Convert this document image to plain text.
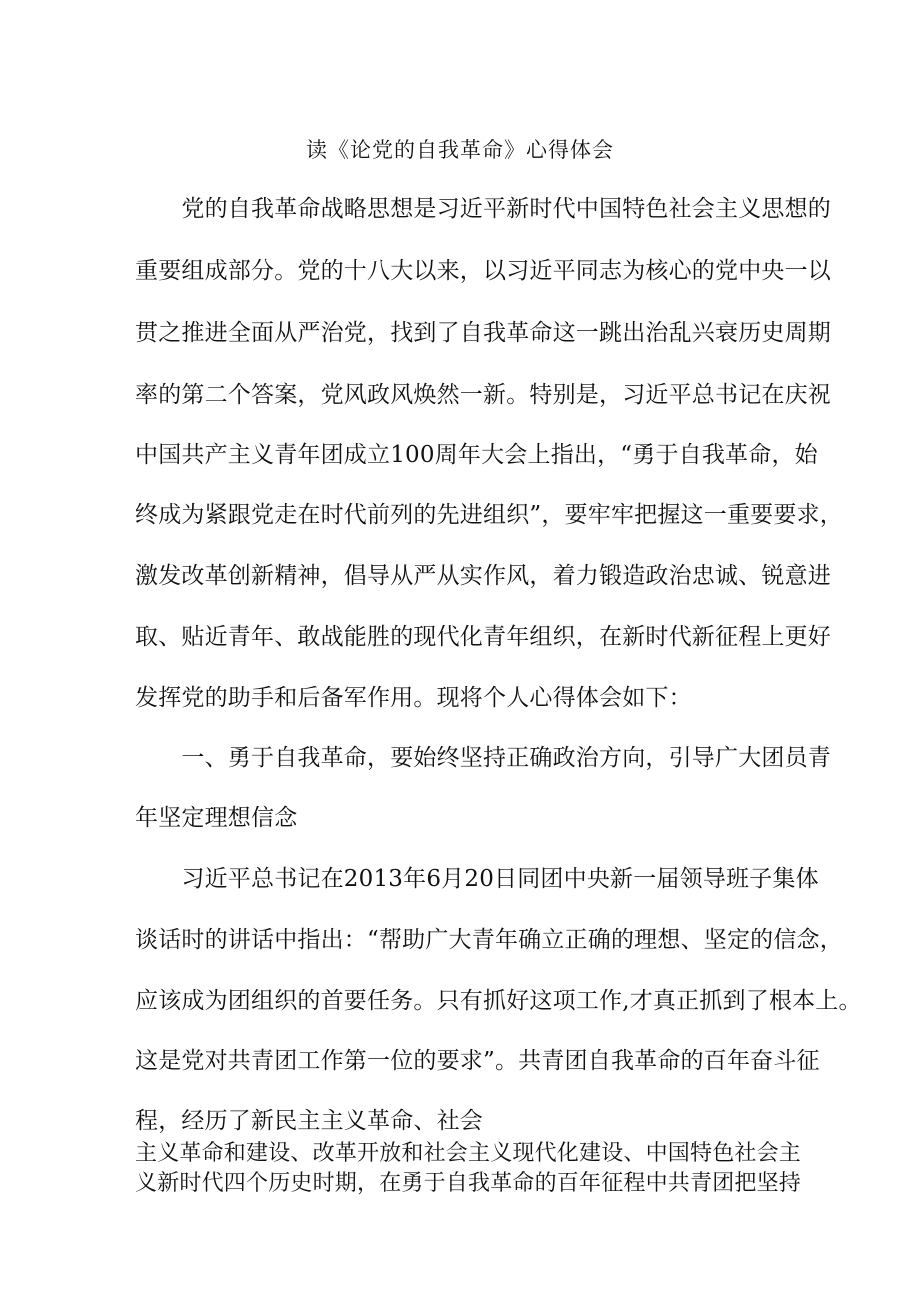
读《论党的自我革命》心得体会
　　党的自我革命战略思想是习近平新时代中国特色社会主义思想的
重要组成部分。党的十八大以来，以习近平同志为核心的党中央一以
贯之推进全面从严治党，找到了自我革命这一跳出治乱兴衰历史周期
率的第二个答案，党风政风焕然一新。特别是，习近平总书记在庆祝
中国共产主义青年团成立100周年大会上指出，“勇于自我革命，始
终成为紧跟党走在时代前列的先进组织”，要牢牢把握这一重要要求，
激发改革创新精神，倡导从严从实作风，着力锻造政治忠诚、锐意进
取、贴近青年、敢战能胜的现代化青年组织，在新时代新征程上更好
发挥党的助手和后备军作用。现将个人心得体会如下：
　　一、勇于自我革命，要始终坚持正确政治方向，引导广大团员青
年坚定理想信念
　　习近平总书记在2013年6月20日同团中央新一届领导班子集体
谈话时的讲话中指出：“帮助广大青年确立正确的理想、坚定的信念，
应该成为团组织的首要任务。只有抓好这项工作,才真正抓到了根本上。
这是党对共青团工作第一位的要求”。共青团自我革命的百年奋斗征
程，经历了新民主主义革命、社会
主义革命和建设、改革开放和社会主义现代化建设、中国特色社会主
义新时代四个历史时期，在勇于自我革命的百年征程中共青团把坚持
